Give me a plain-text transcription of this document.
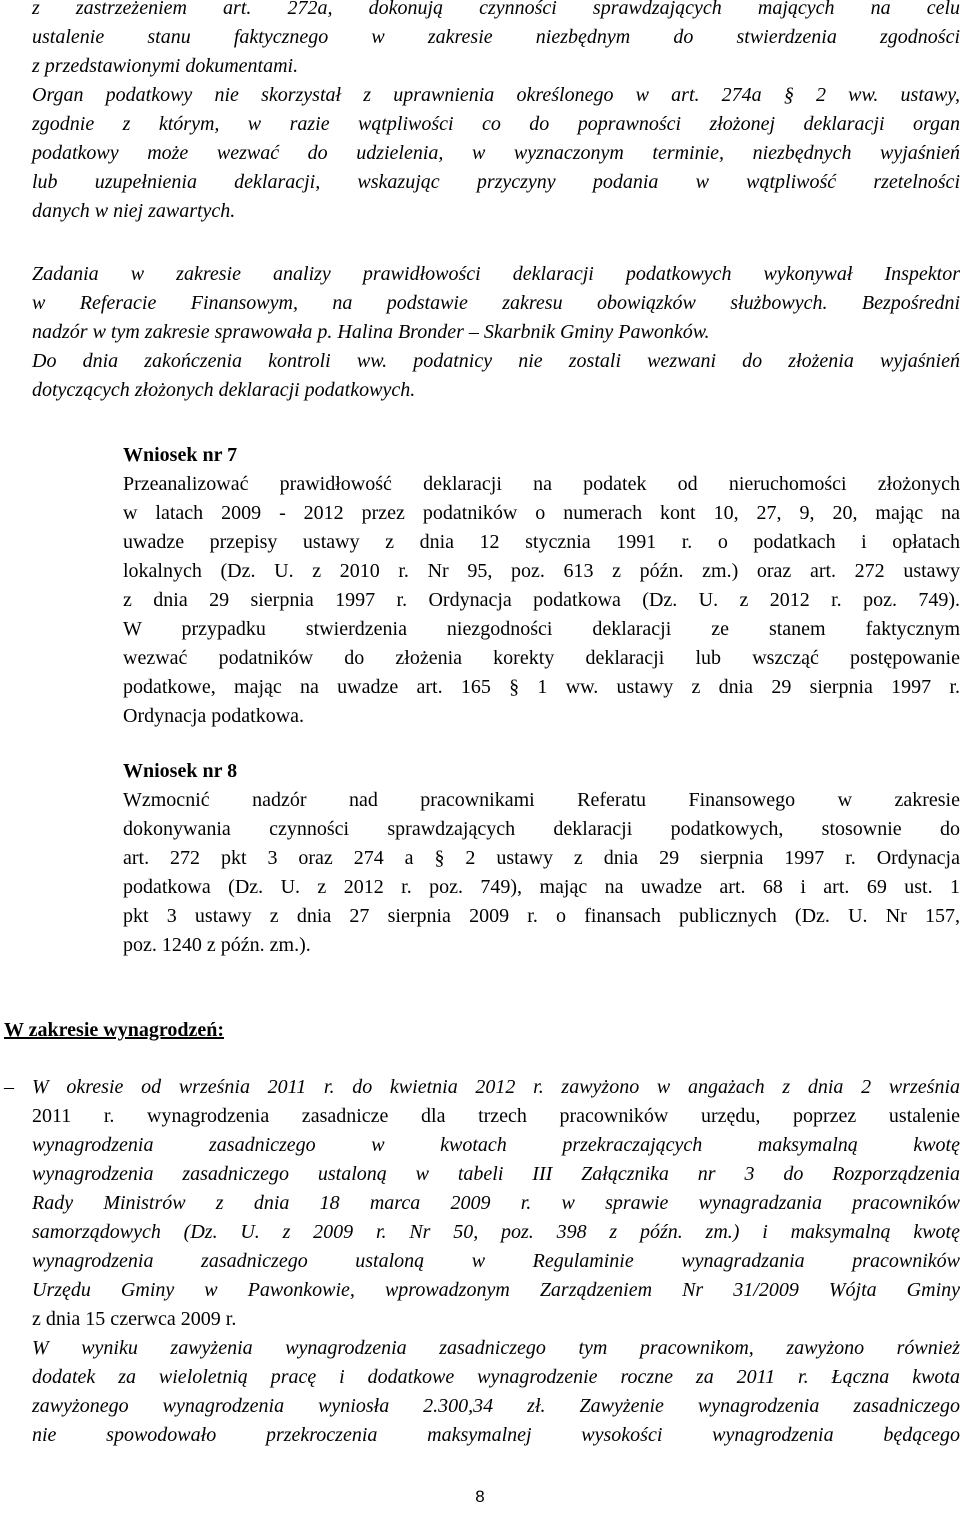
z zastrzeżeniem art. 272a, dokonują czynności sprawdzających mających na celu
ustalenie stanu faktycznego w zakresie niezbędnym do stwierdzenia zgodności
z przedstawionymi dokumentami.
Organ podatkowy nie skorzystał z uprawnienia określonego w art. 274a § 2 ww. ustawy,
zgodnie z którym, w razie wątpliwości co do poprawności złożonej deklaracji organ
podatkowy może wezwać do udzielenia, w wyznaczonym terminie, niezbędnych wyjaśnień
lub uzupełnienia deklaracji, wskazując przyczyny podania w wątpliwość rzetelności
danych w niej zawartych.
Zadania w zakresie analizy prawidłowości deklaracji podatkowych wykonywał Inspektor
w Referacie Finansowym, na podstawie zakresu obowiązków służbowych. Bezpośredni
nadzór w tym zakresie sprawowała p. Halina Bronder – Skarbnik Gminy Pawonków.
Do dnia zakończenia kontroli ww. podatnicy nie zostali wezwani do złożenia wyjaśnień
dotyczących złożonych deklaracji podatkowych.
Wniosek nr 7
Przeanalizować prawidłowość deklaracji na podatek od nieruchomości złożonych
w latach 2009 - 2012 przez podatników o numerach kont 10, 27, 9, 20, mając na
uwadze przepisy ustawy z dnia 12 stycznia 1991 r. o podatkach i opłatach
lokalnych (Dz. U. z 2010 r. Nr 95, poz. 613 z późn. zm.) oraz art. 272 ustawy
z dnia 29 sierpnia 1997 r. Ordynacja podatkowa (Dz. U. z 2012 r. poz. 749).
W przypadku stwierdzenia niezgodności deklaracji ze stanem faktycznym
wezwać podatników do złożenia korekty deklaracji lub wszcząć postępowanie
podatkowe, mając na uwadze art. 165 § 1 ww. ustawy z dnia 29 sierpnia 1997 r.
Ordynacja podatkowa.
Wniosek nr 8
Wzmocnić nadzór nad pracownikami Referatu Finansowego w zakresie
dokonywania czynności sprawdzających deklaracji podatkowych, stosownie do
art. 272 pkt 3 oraz 274 a § 2 ustawy z dnia 29 sierpnia 1997 r. Ordynacja
podatkowa (Dz. U. z 2012 r. poz. 749), mając na uwadze art. 68 i art. 69 ust. 1
pkt 3 ustawy z dnia 27 sierpnia 2009 r. o finansach publicznych (Dz. U. Nr 157,
poz. 1240 z późn. zm.).
W zakresie wynagrodzeń:
– W okresie od września 2011 r. do kwietnia 2012 r. zawyżono w angażach z dnia 2 września
2011 r. wynagrodzenia zasadnicze dla trzech pracowników urzędu, poprzez ustalenie
wynagrodzenia zasadniczego w kwotach przekraczających maksymalną kwotę
wynagrodzenia zasadniczego ustaloną w tabeli III Załącznika nr 3 do Rozporządzenia
Rady Ministrów z dnia 18 marca 2009 r. w sprawie wynagradzania pracowników
samorządowych (Dz. U. z 2009 r. Nr 50, poz. 398 z późn. zm.) i maksymalną kwotę
wynagrodzenia zasadniczego ustaloną w Regulaminie wynagradzania pracowników
Urzędu Gminy w Pawonkowie, wprowadzonym Zarządzeniem Nr 31/2009 Wójta Gminy
z dnia 15 czerwca 2009 r.
W wyniku zawyżenia wynagrodzenia zasadniczego tym pracownikom, zawyżono również
dodatek za wieloletnią pracę i dodatkowe wynagrodzenie roczne za 2011 r. Łączna kwota
zawyżonego wynagrodzenia wyniosła 2.300,34 zł. Zawyżenie wynagrodzenia zasadniczego
nie spowodowało przekroczenia maksymalnej wysokości wynagrodzenia będącego
8
